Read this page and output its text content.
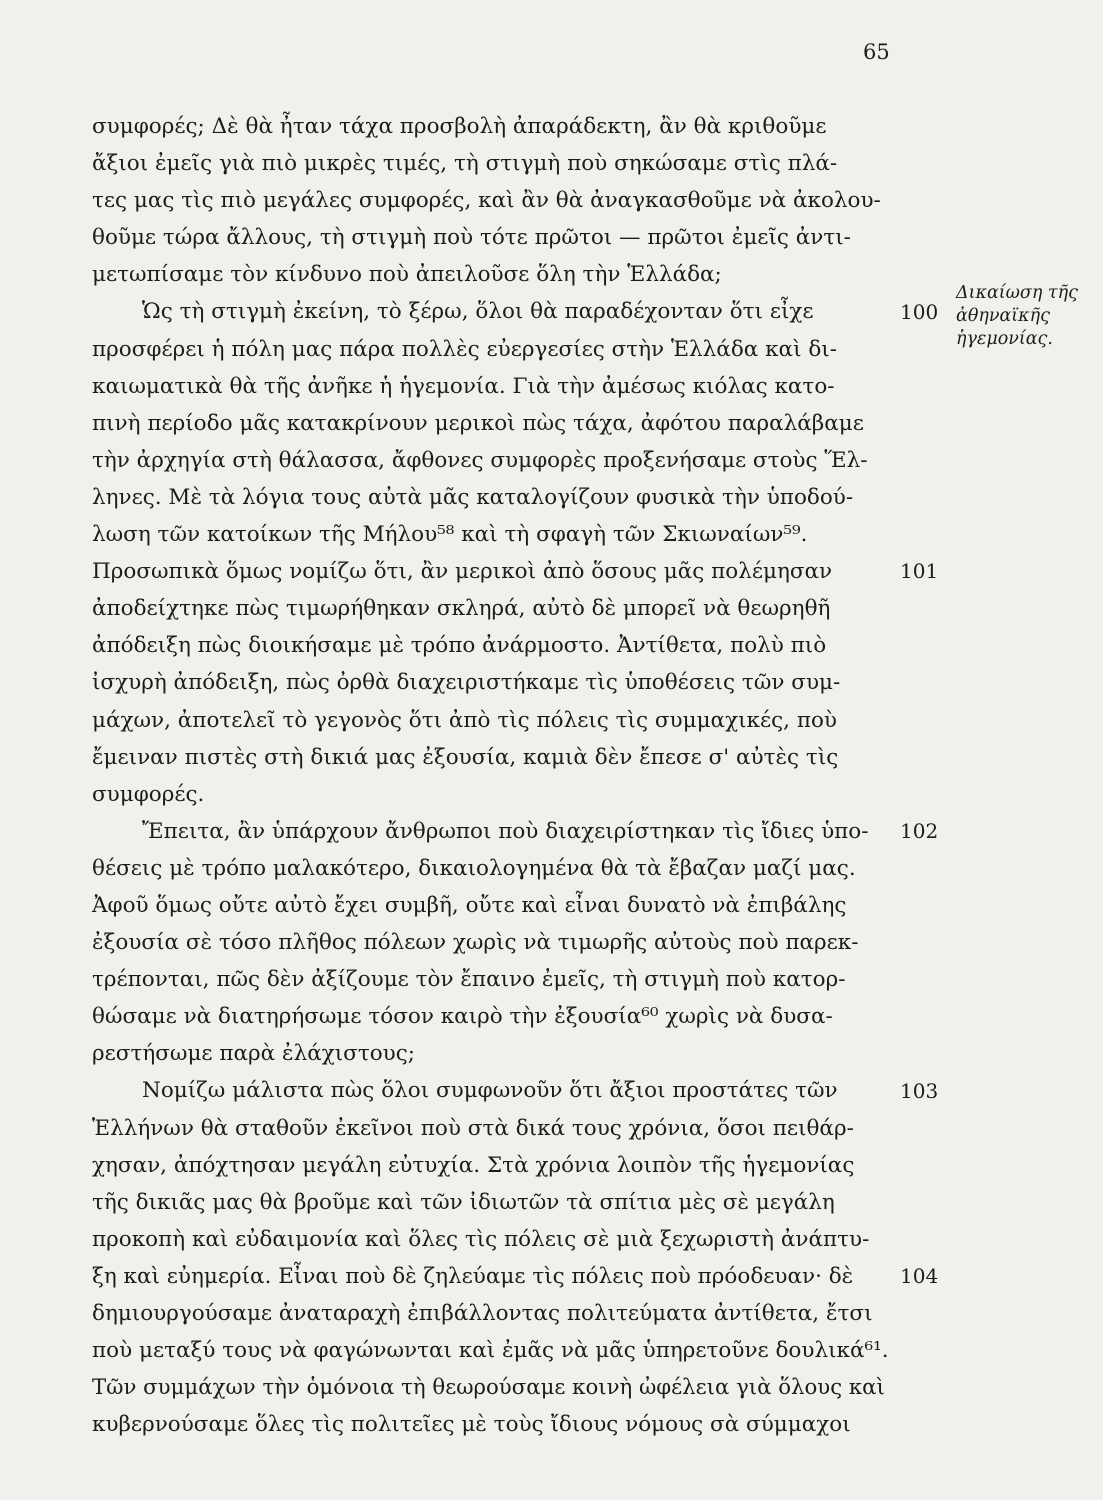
65
συμφορές; Δὲ θὰ ἦταν τάχα προσβολὴ ἀπαράδεκτη, ἂν θὰ κριθοῦμε
ἄξιοι ἐμεῖς γιὰ πιὸ μικρὲς τιμές, τὴ στιγμὴ ποὺ σηκώσαμε στὶς πλά-
τες μας τὶς πιὸ μεγάλες συμφορές, καὶ ἂν θὰ ἀναγκασθοῦμε νὰ ἀκολου-
θοῦμε τώρα ἄλλους, τὴ στιγμὴ ποὺ τότε πρῶτοι — πρῶτοι ἐμεῖς ἀντι-
μετωπίσαμε τὸν κίνδυνο ποὺ ἀπειλοῦσε ὅλη τὴν Ἑλλάδα;
Ὡς τὴ στιγμὴ ἐκείνη, τὸ ξέρω, ὅλοι θὰ παραδέχονταν ὅτι εἶχε
προσφέρει ἡ πόλη μας πάρα πολλὲς εὐεργεσίες στὴν Ἑλλάδα καὶ δι-
καιωματικὰ θὰ τῆς ἀνῆκε ἡ ἡγεμονία. Γιὰ τὴν ἀμέσως κιόλας κατο-
πινὴ περίοδο μᾶς κατακρίνουν μερικοὶ πὼς τάχα, ἀφότου παραλάβαμε
τὴν ἀρχηγία στὴ θάλασσα, ἄφθονες συμφορὲς προξενήσαμε στοὺς Ἕλ-
ληνες. Μὲ τὰ λόγια τους αὐτὰ μᾶς καταλογίζουν φυσικὰ τὴν ὑποδού-
λωση τῶν κατοίκων τῆς Μήλου⁵⁸ καὶ τὴ σφαγὴ τῶν Σκιωναίων⁵⁹.
Προσωπικὰ ὅμως νομίζω ὅτι, ἂν μερικοὶ ἀπὸ ὅσους μᾶς πολέμησαν
ἀποδείχτηκε πὼς τιμωρήθηκαν σκληρά, αὐτὸ δὲ μπορεῖ νὰ θεωρηθῆ
ἀπόδειξη πὼς διοικήσαμε μὲ τρόπο ἀνάρμοστο. Ἀντίθετα, πολὺ πιὸ
ἰσχυρὴ ἀπόδειξη, πὼς ὀρθὰ διαχειριστήκαμε τὶς ὑποθέσεις τῶν συμ-
μάχων, ἀποτελεῖ τὸ γεγονὸς ὅτι ἀπὸ τὶς πόλεις τὶς συμμαχικές, ποὺ
ἔμειναν πιστὲς στὴ δικιά μας ἐξουσία, καμιὰ δὲν ἔπεσε σ' αὐτὲς τὶς
συμφορές.
Ἔπειτα, ἂν ὑπάρχουν ἄνθρωποι ποὺ διαχειρίστηκαν τὶς ἴδιες ὑπο-
θέσεις μὲ τρόπο μαλακότερο, δικαιολογημένα θὰ τὰ ἔβαζαν μαζί μας.
Ἀφοῦ ὅμως οὔτε αὐτὸ ἔχει συμβῆ, οὔτε καὶ εἶναι δυνατὸ νὰ ἐπιβάλης
ἐξουσία σὲ τόσο πλῆθος πόλεων χωρὶς νὰ τιμωρῆς αὐτοὺς ποὺ παρεκ-
τρέπονται, πῶς δὲν ἀξίζουμε τὸν ἔπαινο ἐμεῖς, τὴ στιγμὴ ποὺ κατορ-
θώσαμε νὰ διατηρήσωμε τόσον καιρὸ τὴν ἐξουσία⁶⁰ χωρὶς νὰ δυσα-
ρεστήσωμε παρὰ ἐλάχιστους;
Νομίζω μάλιστα πὼς ὅλοι συμφωνοῦν ὅτι ἄξιοι προστάτες τῶν
Ἑλλήνων θὰ σταθοῦν ἐκεῖνοι ποὺ στὰ δικά τους χρόνια, ὅσοι πειθάρ-
χησαν, ἀπόχτησαν μεγάλη εὐτυχία. Στὰ χρόνια λοιπὸν τῆς ἡγεμονίας
τῆς δικιᾶς μας θὰ βροῦμε καὶ τῶν ἰδιωτῶν τὰ σπίτια μὲς σὲ μεγάλη
προκοπὴ καὶ εὐδαιμονία καὶ ὅλες τὶς πόλεις σὲ μιὰ ξεχωριστὴ ἀνάπτυ-
ξη καὶ εὐημερία. Εἶναι ποὺ δὲ ζηλεύαμε τὶς πόλεις ποὺ πρόοδευαν· δὲ
δημιουργούσαμε ἀναταραχὴ ἐπιβάλλοντας πολιτεύματα ἀντίθετα, ἔτσι
ποὺ μεταξύ τους νὰ φαγώνωνται καὶ ἐμᾶς νὰ μᾶς ὑπηρετοῦνε δουλικά⁶¹.
Τῶν συμμάχων τὴν ὁμόνοια τὴ θεωρούσαμε κοινὴ ὠφέλεια γιὰ ὅλους καὶ
κυβερνούσαμε ὅλες τὶς πολιτεῖες μὲ τοὺς ἴδιους νόμους σὰ σύμμαχοι
100
101
102
103
104
Δικαίωση τῆς
ἀθηναϊκῆς
ἡγεμονίας.
